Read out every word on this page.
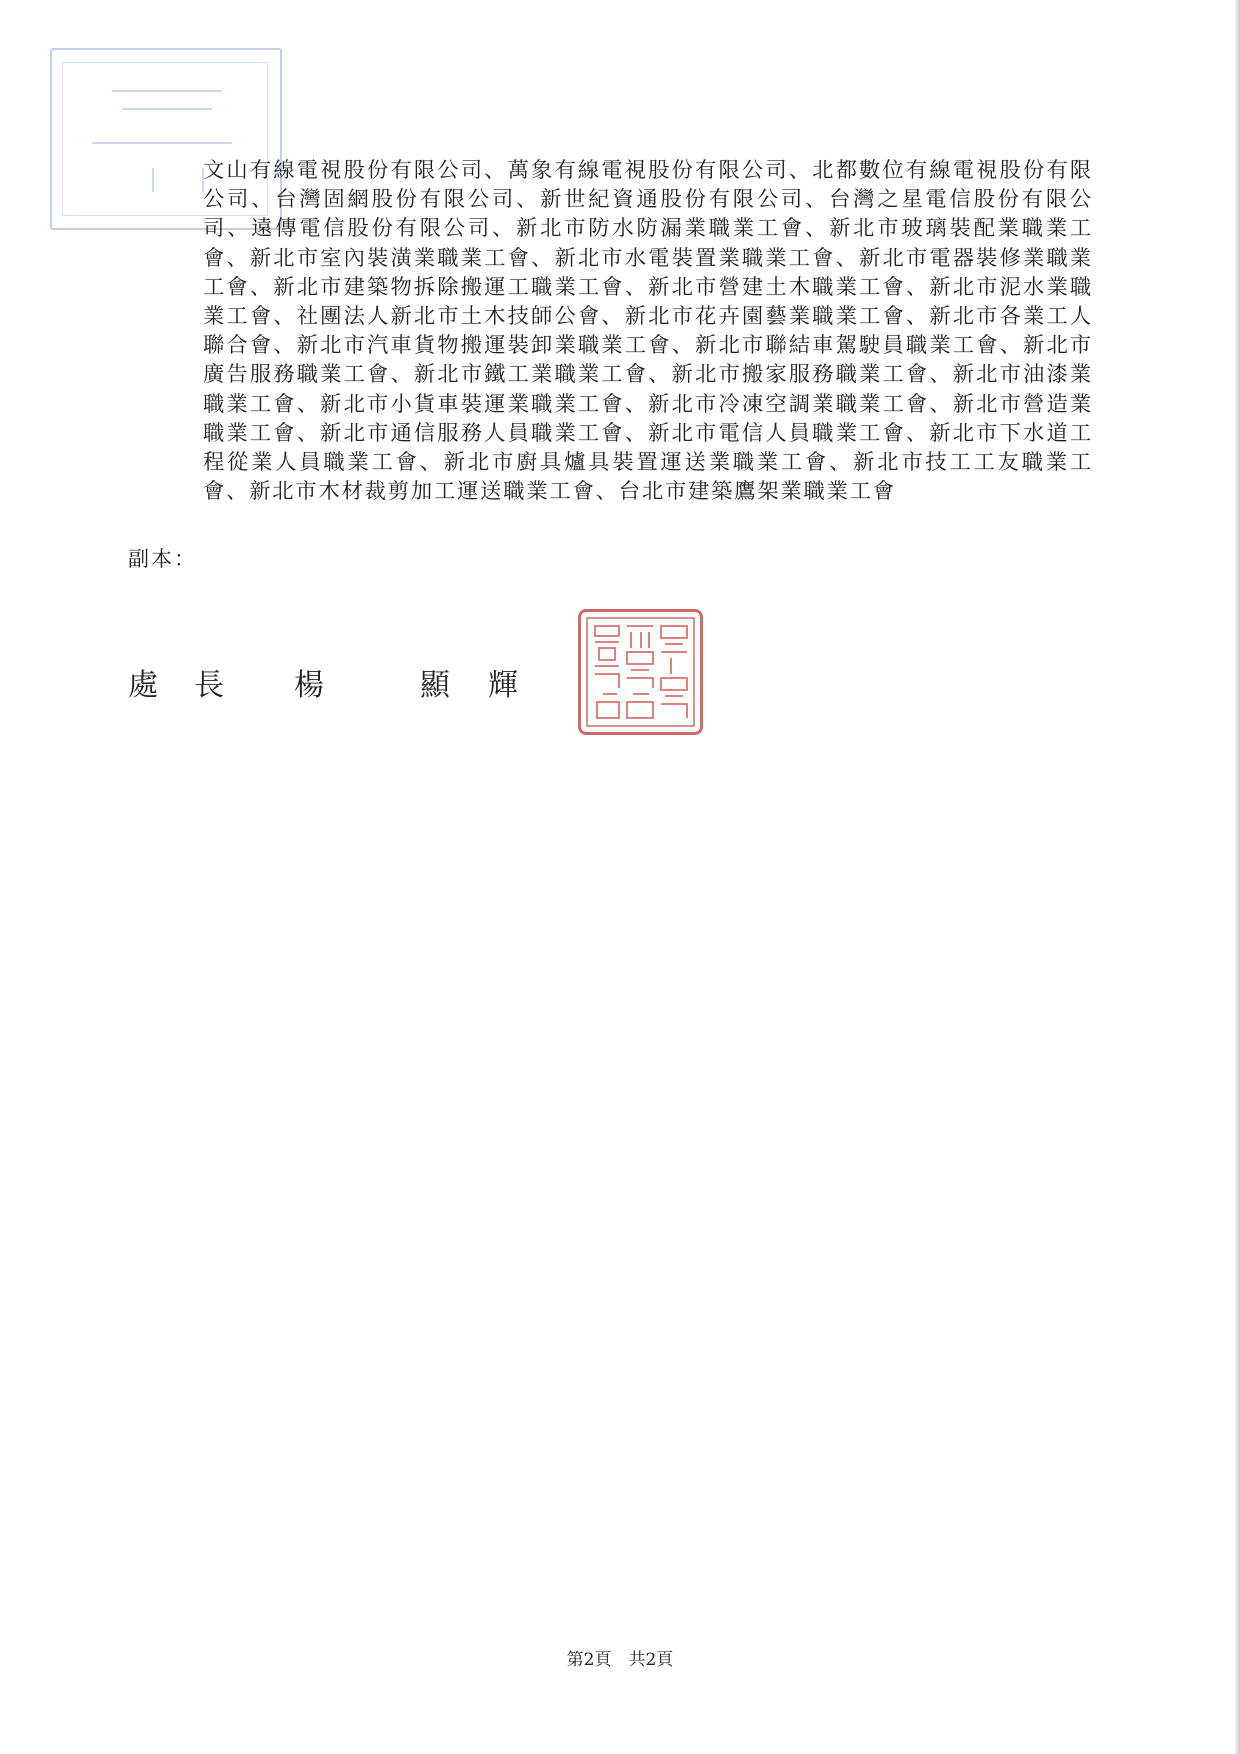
文山有線電視股份有限公司、萬象有線電視股份有限公司、北都數位有線電視股份有限公司、台灣固網股份有限公司、新世紀資通股份有限公司、台灣之星電信股份有限公司、遠傳電信股份有限公司、新北市防水防漏業職業工會、新北市玻璃裝配業職業工會、新北市室內裝潢業職業工會、新北市水電裝置業職業工會、新北市電器裝修業職業工會、新北市建築物拆除搬運工職業工會、新北市營建土木職業工會、新北市泥水業職業工會、社團法人新北市土木技師公會、新北市花卉園藝業職業工會、新北市各業工人聯合會、新北市汽車貨物搬運裝卸業職業工會、新北市聯結車駕駛員職業工會、新北市廣告服務職業工會、新北市鐵工業職業工會、新北市搬家服務職業工會、新北市油漆業職業工會、新北市小貨車裝運業職業工會、新北市冷凍空調業職業工會、新北市營造業職業工會、新北市通信服務人員職業工會、新北市電信人員職業工會、新北市下水道工程從業人員職業工會、新北市廚具爐具裝置運送業職業工會、新北市技工工友職業工會、新北市木材裁剪加工運送職業工會、台北市建築鷹架業職業工會
副本：
處 長 楊	顯 輝
第2頁　共2頁
